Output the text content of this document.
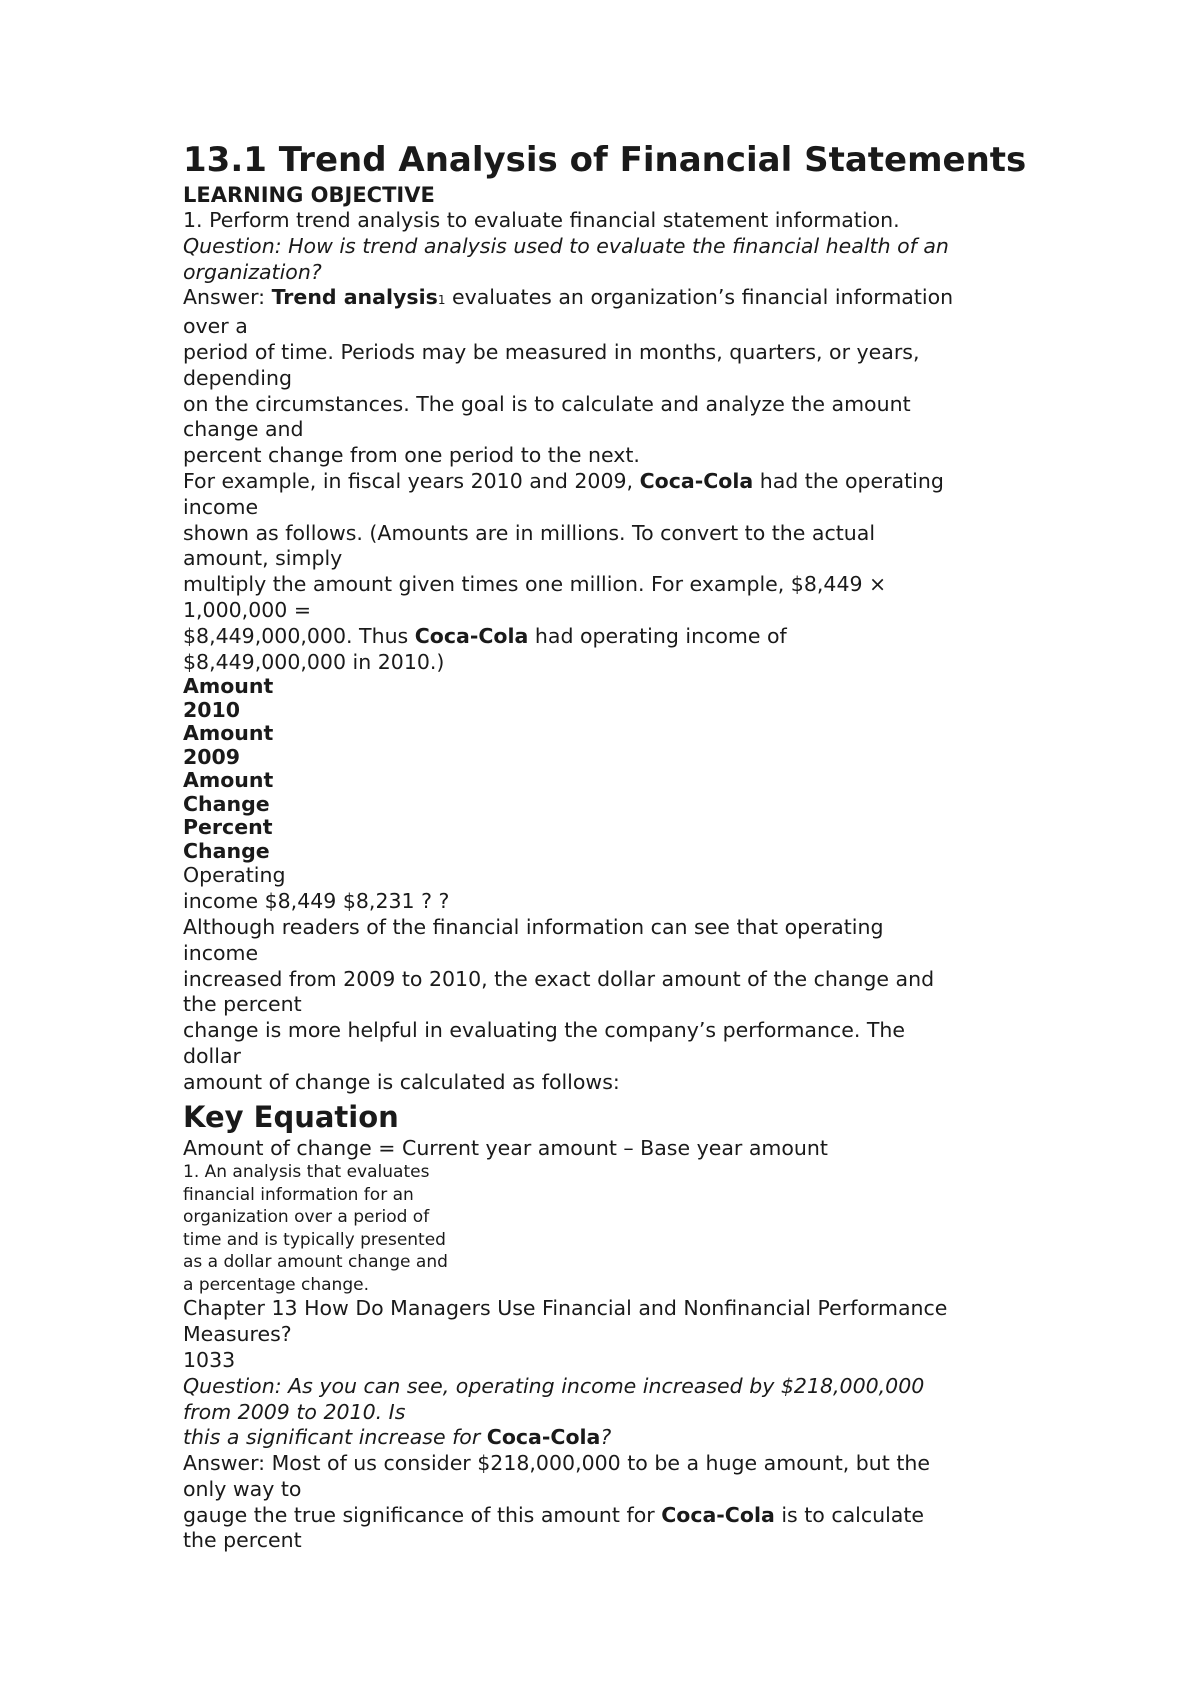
13.1 Trend Analysis of Financial Statements
LEARNING OBJECTIVE
1. Perform trend analysis to evaluate financial statement information.
Question: How is trend analysis used to evaluate the financial health of an
organization?
Answer: Trend analysis1 evaluates an organization’s financial information
over a
period of time. Periods may be measured in months, quarters, or years,
depending
on the circumstances. The goal is to calculate and analyze the amount
change and
percent change from one period to the next.
For example, in fiscal years 2010 and 2009, Coca-Cola had the operating
income
shown as follows. (Amounts are in millions. To convert to the actual
amount, simply
multiply the amount given times one million. For example, $8,449 ×
1,000,000 =
$8,449,000,000. Thus Coca-Cola had operating income of
$8,449,000,000 in 2010.)
Amount
2010
Amount
2009
Amount
Change
Percent
Change
Operating
income $8,449 $8,231 ? ?
Although readers of the financial information can see that operating
income
increased from 2009 to 2010, the exact dollar amount of the change and
the percent
change is more helpful in evaluating the company’s performance. The
dollar
amount of change is calculated as follows:
Key Equation
Amount of change = Current year amount – Base year amount
1. An analysis that evaluates
financial information for an
organization over a period of
time and is typically presented
as a dollar amount change and
a percentage change.
Chapter 13 How Do Managers Use Financial and Nonfinancial Performance
Measures?
1033
Question: As you can see, operating income increased by $218,000,000
from 2009 to 2010. Is
this a significant increase for Coca-Cola?
Answer: Most of us consider $218,000,000 to be a huge amount, but the
only way to
gauge the true significance of this amount for Coca-Cola is to calculate
the percent
